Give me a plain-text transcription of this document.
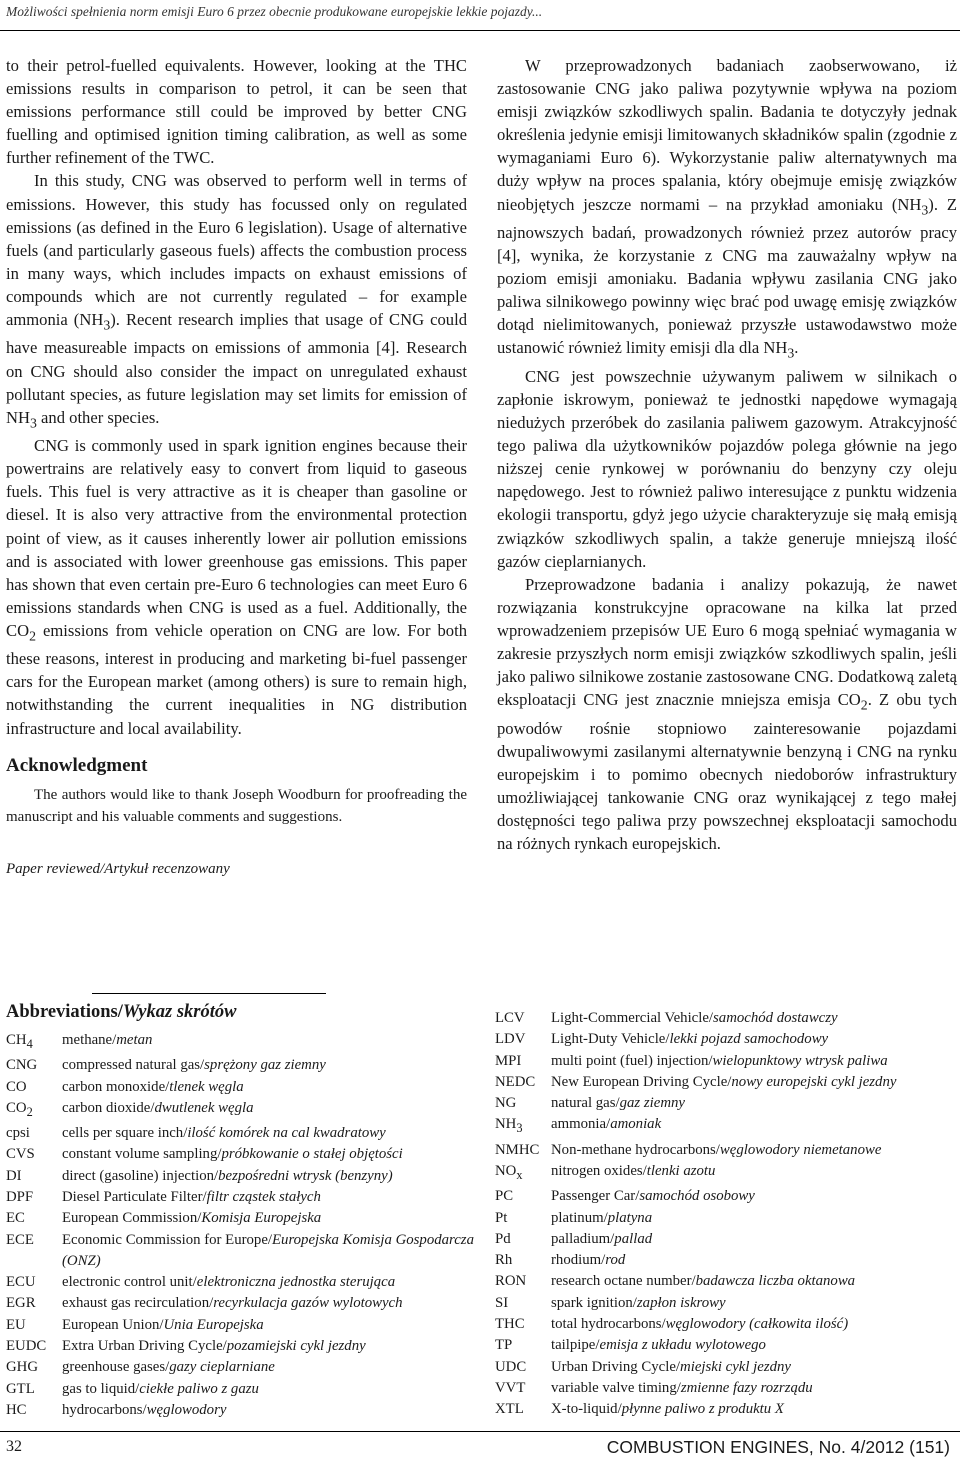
Możliwości spełnienia norm emisji Euro 6 przez obecnie produkowane europejskie lekkie pojazdy...

to their petrol-fuelled equivalents. However, looking at the THC emissions results in comparison to petrol, it can be seen that emissions performance still could be improved by better CNG fuelling and optimised ignition timing calibration, as well as some further refinement of the TWC.

In this study, CNG was observed to perform well in terms of emissions. However, this study has focussed only on regulated emissions (as defined in the Euro 6 legislation). Usage of alternative fuels (and particularly gaseous fuels) affects the combustion process in many ways, which includes impacts on exhaust emissions of compounds which are not currently regulated – for example ammonia $(NH_3)$. Recent research implies that usage of CNG could have measureable impacts on emissions of ammonia [4]. Research on CNG should also consider the impact on unregulated exhaust pollutant species, as future legislation may set limits for emission of $NH_3$ and other species.

CNG is commonly used in spark ignition engines because their powertrains are relatively easy to convert from liquid to gaseous fuels. This fuel is very attractive as it is cheaper than gasoline or diesel. It is also very attractive from the environmental protection point of view, as it causes inherently lower air pollution emissions and is associated with lower greenhouse gas emissions. This paper has shown that even certain pre-Euro 6 technologies can meet Euro 6 emissions standards when CNG is used as a fuel. Additionally, the $CO_2$ emissions from vehicle operation on CNG are low. For both these reasons, interest in producing and marketing bi-fuel passenger cars for the European market (among others) is sure to remain high, notwithstanding the current inequalities in NG distribution infrastructure and local availability.

Acknowledgment

The authors would like to thank Joseph Woodburn for proofreading the manuscript and his valuable comments and suggestions.

Paper reviewed/Artykuł recenzowany

W przeprowadzonych badaniach zaobserwowano, iż zastosowanie CNG jako paliwa pozytywnie wpływa na poziom emisji związków szkodliwych spalin. Badania te dotyczyły jednak określenia jedynie emisji limitowanych składników spalin (zgodnie z wymaganiami Euro 6). Wykorzystanie paliw alternatywnych ma duży wpływ na proces spalania, który obejmuje emisję związków nieobjętych jeszcze normami – na przykład amoniaku $(NH_3)$. Z najnowszych badań, prowadzonych również przez autorów pracy [4], wynika, że korzystanie z CNG ma zauważalny wpływ na poziom emisji amoniaku. Badania wpływu zasilania CNG jako paliwa silnikowego powinny więc brać pod uwagę emisję związków dotąd nielimitowanych, ponieważ przyszłe ustawodawstwo może ustanowić również limity emisji dla dla $NH_3$.

CNG jest powszechnie używanym paliwem w silnikach o zapłonie iskrowym, ponieważ te jednostki napędowe wymagają niedużych przeróbek do zasilania paliwem gazowym. Atrakcyjność tego paliwa dla użytkowników pojazdów polega głównie na jego niższej cenie rynkowej w porównaniu do benzyny czy oleju napędowego. Jest to również paliwo interesujące z punktu widzenia ekologii transportu, gdyż jego użycie charakteryzuje się małą emisją związków szkodliwych spalin, a także generuje mniejszą ilość gazów cieplarnianych.

Przeprowadzone badania i analizy pokazują, że nawet rozwiązania konstrukcyjne opracowane na kilka lat przed wprowadzeniem przepisów UE Euro 6 mogą spełniać wymagania w zakresie przyszłych norm emisji związków szkodliwych spalin, jeśli jako paliwo silnikowe zostanie zastosowane CNG. Dodatkową zaletą eksploatacji CNG jest znacznie mniejsza emisja $CO_2$. Z obu tych powodów rośnie stopniowo zainteresowanie pojazdami dwupaliwowymi zasilanymi alternatywnie benzyną i CNG na rynku europejskim i to pomimo obecnych niedoborów infrastruktury umożliwiającej tankowanie CNG oraz wynikającej z tego małej dostępności tego paliwa przy powszechnej eksploatacji samochodu na różnych rynkach europejskich.

Abbreviations/Wykaz skrótów
$CH_4$	methane/metan
CNG	compressed natural gas/sprężony gaz ziemny
CO	carbon monoxide/tlenek węgla
$CO_2$	carbon dioxide/dwutlenek węgla
cpsi	cells per square inch/ilość komórek na cal kwadratowy
CVS	constant volume sampling/próbkowanie o stałej objętości
DI	direct (gasoline) injection/bezpośredni wtrysk (benzyny)
DPF	Diesel Particulate Filter/filtr cząstek stałych
EC	European Commission/Komisja Europejska
ECE	Economic Commission for Europe/Europejska Komisja Gospodarcza (ONZ)
ECU	electronic control unit/elektroniczna jednostka sterująca
EGR	exhaust gas recirculation/recyrkulacja gazów wylotowych
EU	European Union/Unia Europejska
EUDC	Extra Urban Driving Cycle/pozamiejski cykl jezdny
GHG	greenhouse gases/gazy cieplarniane
GTL	gas to liquid/ciekłe paliwo z gazu
HC	hydrocarbons/węglowodory
LCV	Light-Commercial Vehicle/samochód dostawczy
LDV	Light-Duty Vehicle/lekki pojazd samochodowy
MPI	multi point (fuel) injection/wielopunktowy wtrysk paliwa
NEDC	New European Driving Cycle/nowy europejski cykl jezdny
NG	natural gas/gaz ziemny
$NH_3$	ammonia/amoniak
NMHC Non-methane hydrocarbons/węglowodory niemetanowe
$NO_x$	nitrogen oxides/tlenki azotu
PC	Passenger Car/samochód osobowy
Pt	platinum/platyna
Pd	palladium/pallad
Rh	rhodium/rod
RON	research octane number/badawcza liczba oktanowa
SI	spark ignition/zapłon iskrowy
THC	total hydrocarbons/węglowodory (całkowita ilość)
TP	tailpipe/emisja z układu wylotowego
UDC	Urban Driving Cycle/miejski cykl jezdny
VVT	variable valve timing/zmienne fazy rozrządu
XTL	X-to-liquid/płynne paliwo z produktu X
32	COMBUSTION ENGINES, No. 4/2012 (151)
